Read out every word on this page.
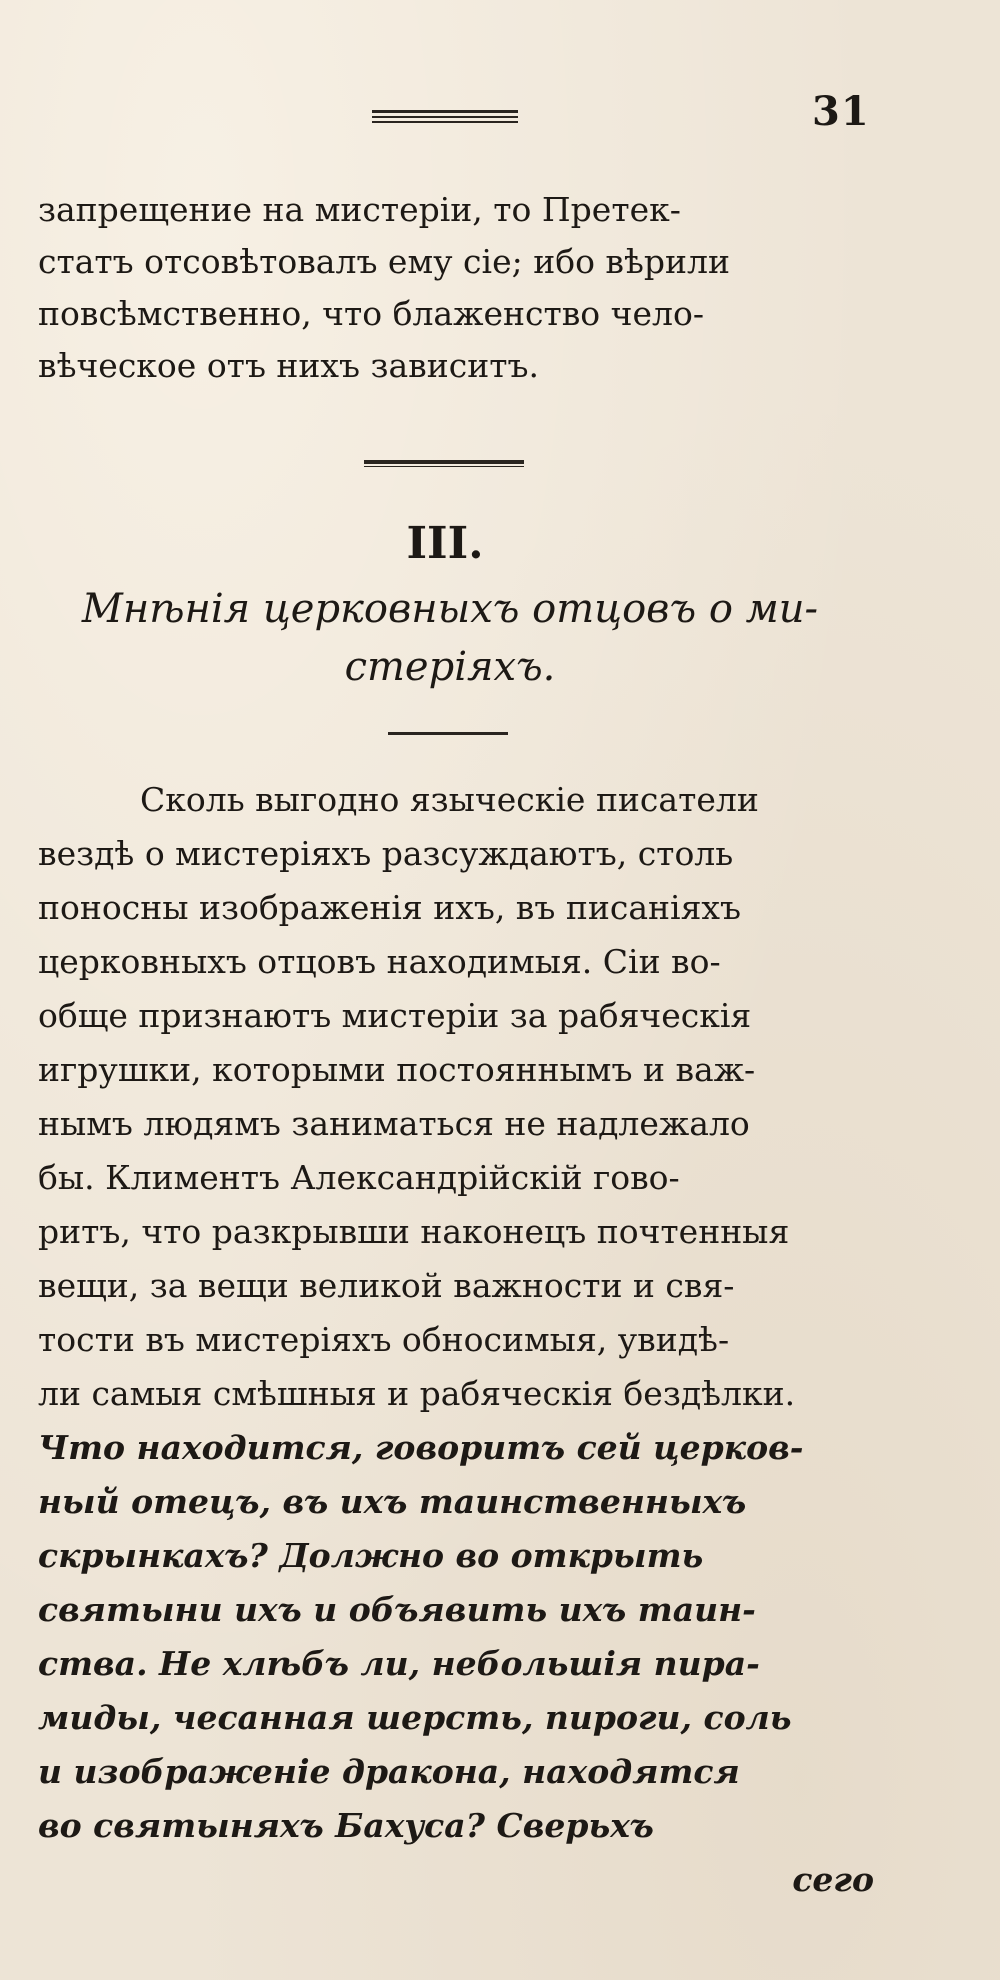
31
запрещение на мистеріи, то Претек-
статъ отсовѣтовалъ ему сіе; ибо вѣрили
повсѣмственно, что блаженство чело-
вѣческое отъ нихъ зависитъ.
III.
Мнѣнія церковныхъ отцовъ о ми-
стеріяхъ.
Сколь выгодно языческіе писатели
вездѣ о мистеріяхъ разсуждаютъ, столь
поносны изображенія ихъ, въ писаніяхъ
церковныхъ отцовъ находимыя. Сіи во-
обще признаютъ мистеріи за рабяческія
игрушки, которыми постояннымъ и важ-
нымъ людямъ заниматься не надлежало
бы. Климентъ Александрійскій гово-
ритъ, что разкрывши наконецъ почтенныя
вещи, за вещи великой важности и свя-
тости въ мистеріяхъ обносимыя, увидѣ-
ли самыя смѣшныя и рабяческія бездѣлки.
Что находится, говоритъ сей церков-
ный отецъ, въ ихъ таинственныхъ
скрынкахъ? Должно во открыть
святыни ихъ и объявить ихъ таин-
ства. Не хлѣбъ ли, небольшія пира-
миды, чесанная шерсть, пироги, соль
и изображеніе дракона, находятся
во святыняхъ Бахуса? Сверьхъ
сего
